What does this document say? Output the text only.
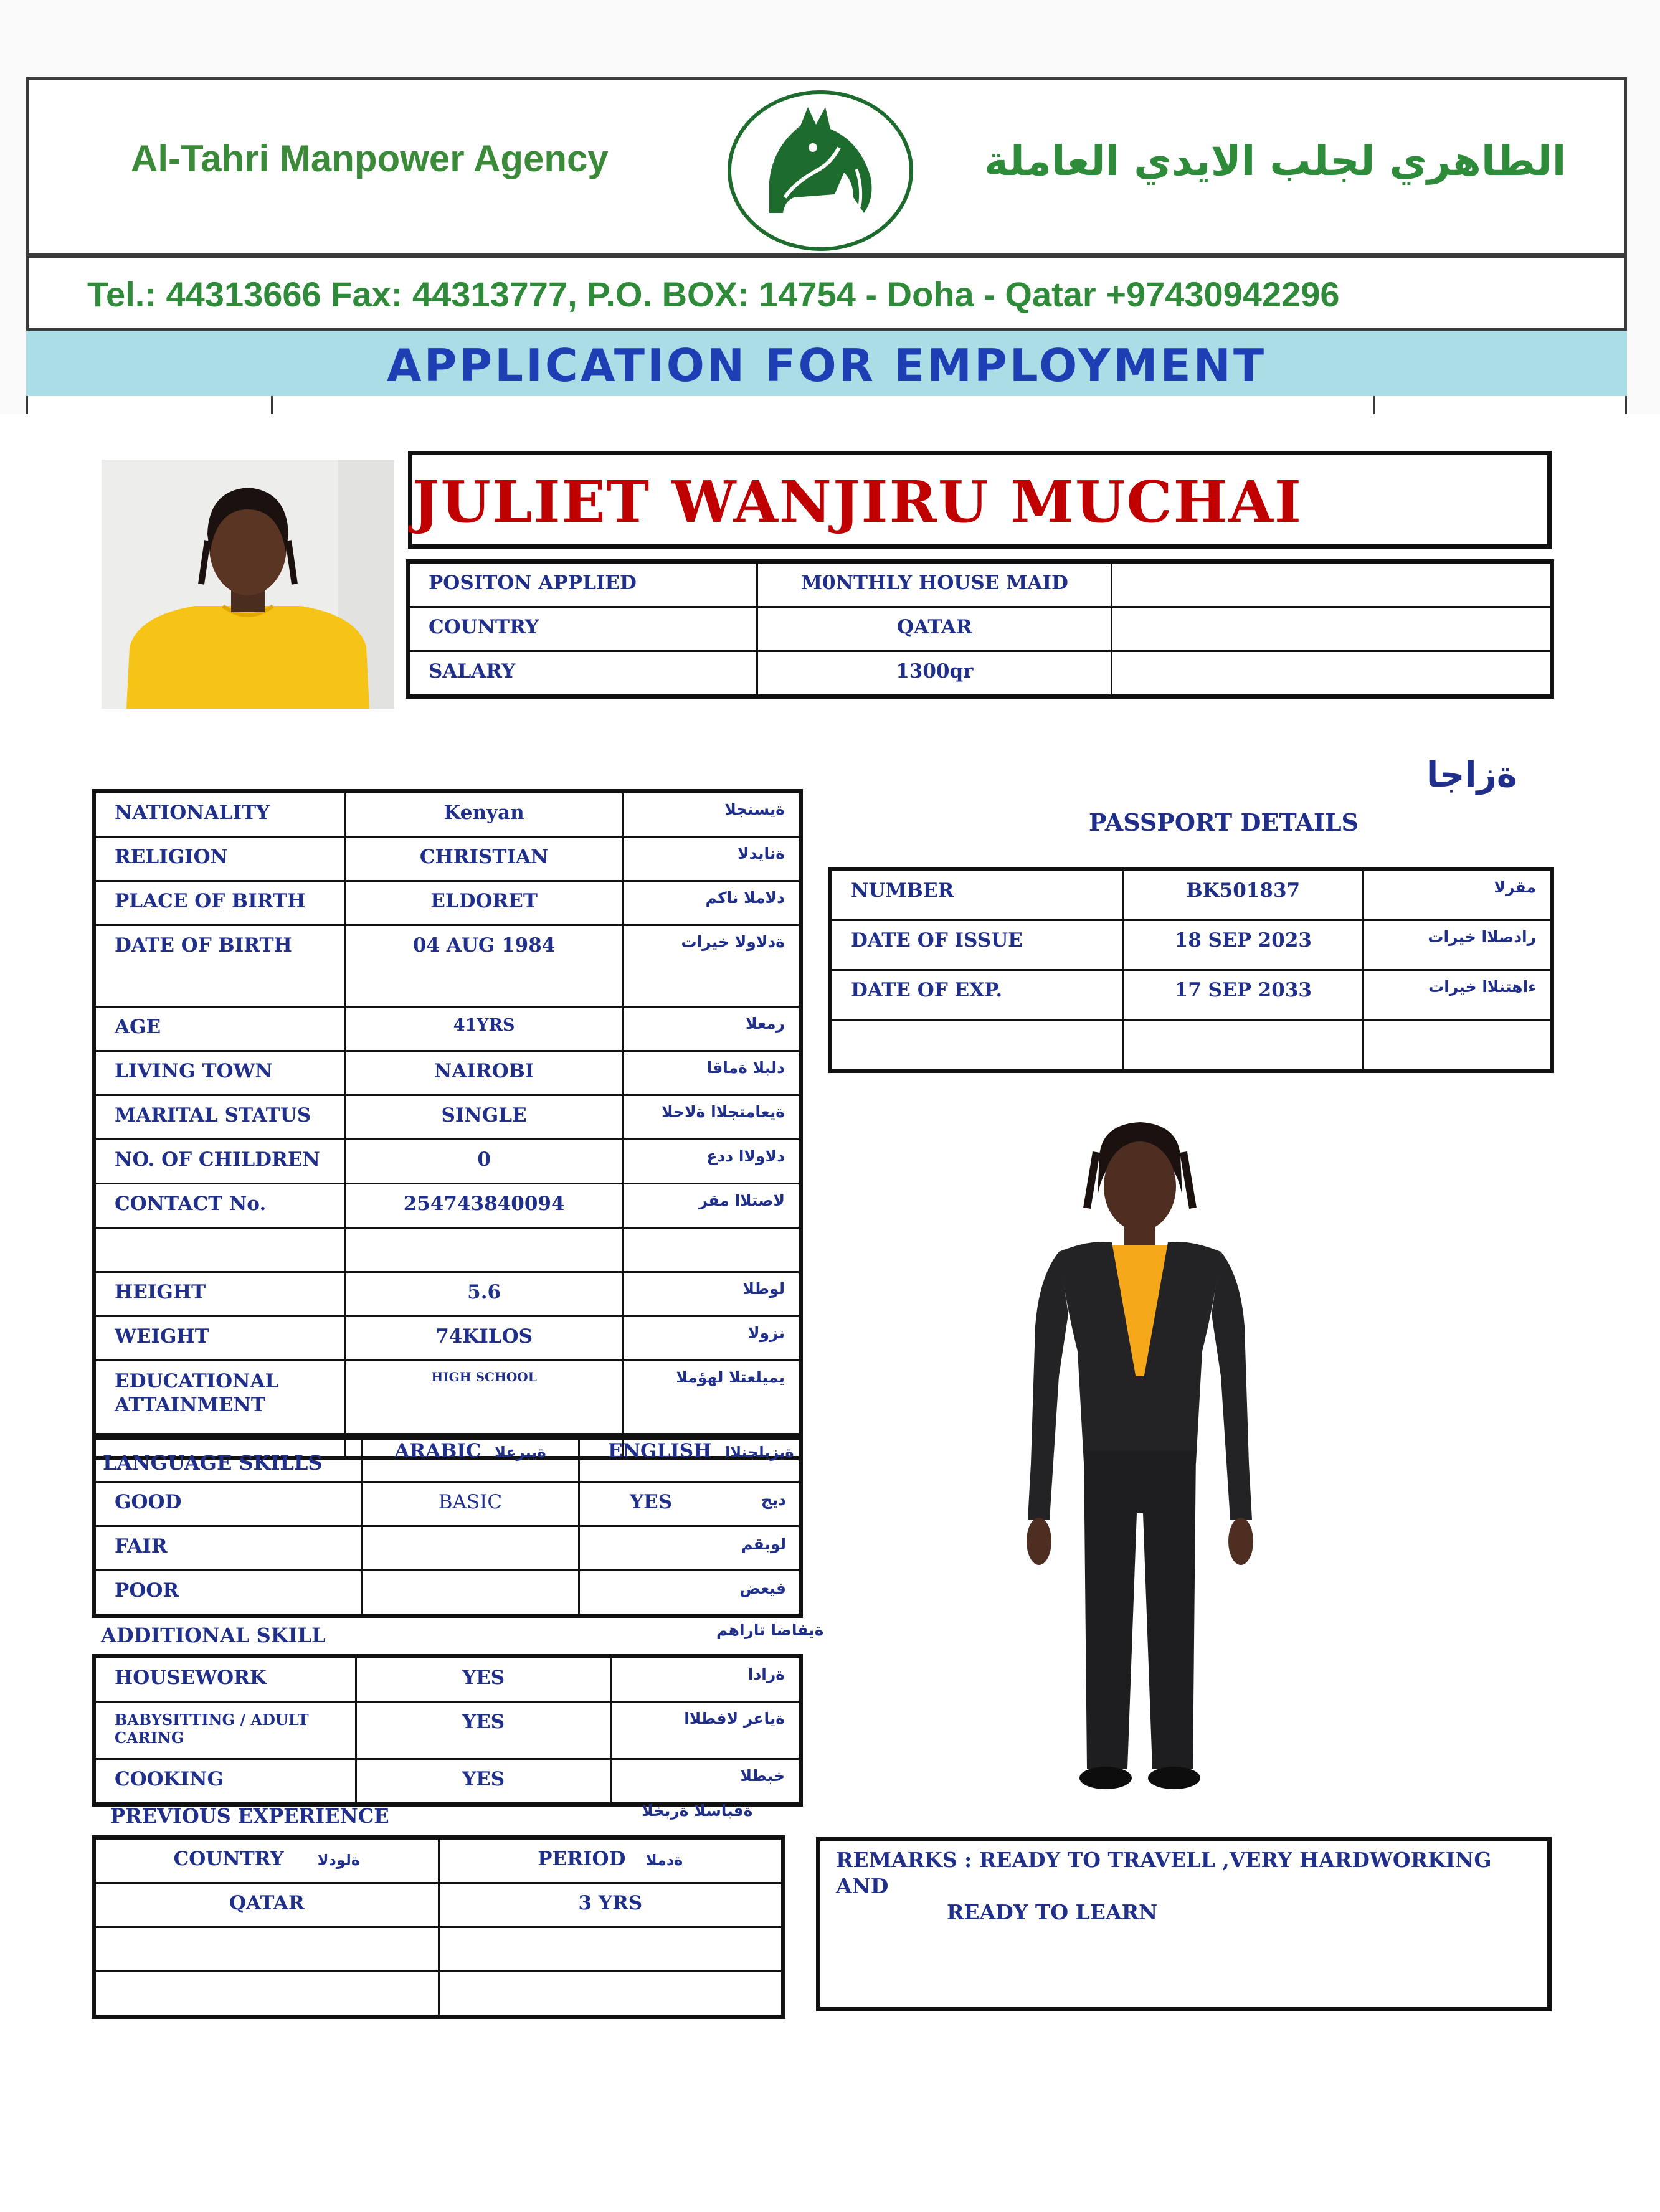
Al-Tahri Manpower Agency	الطاهري لجلب الايدي العاملة
Tel.: 44313666 Fax: 44313777, P.O. BOX: 14754 - Doha - Qatar +97430942296
APPLICATION FOR EMPLOYMENT
JULIET WANJIRU MUCHAI
POSITON APPLIED	M0NTHLY HOUSE MAID	
COUNTRY	QATAR	
SALARY	1300qr	
ةزاجا
PASSPORT DETAILS
NUMBER	BK501837	مقرلا
DATE OF ISSUE	18 SEP 2023	رادصلاا خيرات
DATE OF EXP.	17 SEP 2033	ءاهتنلاا خيرات

NATIONALITY	Kenyan	ةيسنجلا
RELIGION	CHRISTIAN	ةنايدلا
PLACE OF BIRTH	ELDORET	دلاملا ناكم
DATE OF BIRTH	04 AUG 1984	ةدلاولا خيرات
AGE	41YRS	رمعلا
LIVING TOWN	NAIROBI	دلبلا ةماقا
MARITAL STATUS	SINGLE	ةيعامتجلاا ةلاحلا
NO. OF CHILDREN	0	دلاولاا ددع
CONTACT No.	254743840094	لاصتلاا مقر

HEIGHT	5.6	لوطلا
WEIGHT	74KILOS	نزولا
EDUCATIONAL
ATTAINMENT	HIGH SCHOOL	يميلعتلا لهؤملا
LANGUAGE SKILLS
		ARABIC ةيبرعلا	ENGLISH ةيزيلجنلاا
GOOD	BASIC	YES ديج

FAIR		لوبقم

POOR		فيعض
ADDITIONAL SKILL	ةيفاضا تاراهم
HOUSEWORK	YES	ةرادا
BABYSITTING / ADULT
CARING	YES	ةياعر لافطلاا
COOKING	YES	خبطلا
PREVIOUS EXPERIENCE	ةقباسلا ةربخلا
COUNTRY ةلودلا	PERIOD ةدملا
QATAR	3 YRS

REMARKS : READY TO TRAVELL ,VERY HARDWORKING AND
READY TO LEARN
